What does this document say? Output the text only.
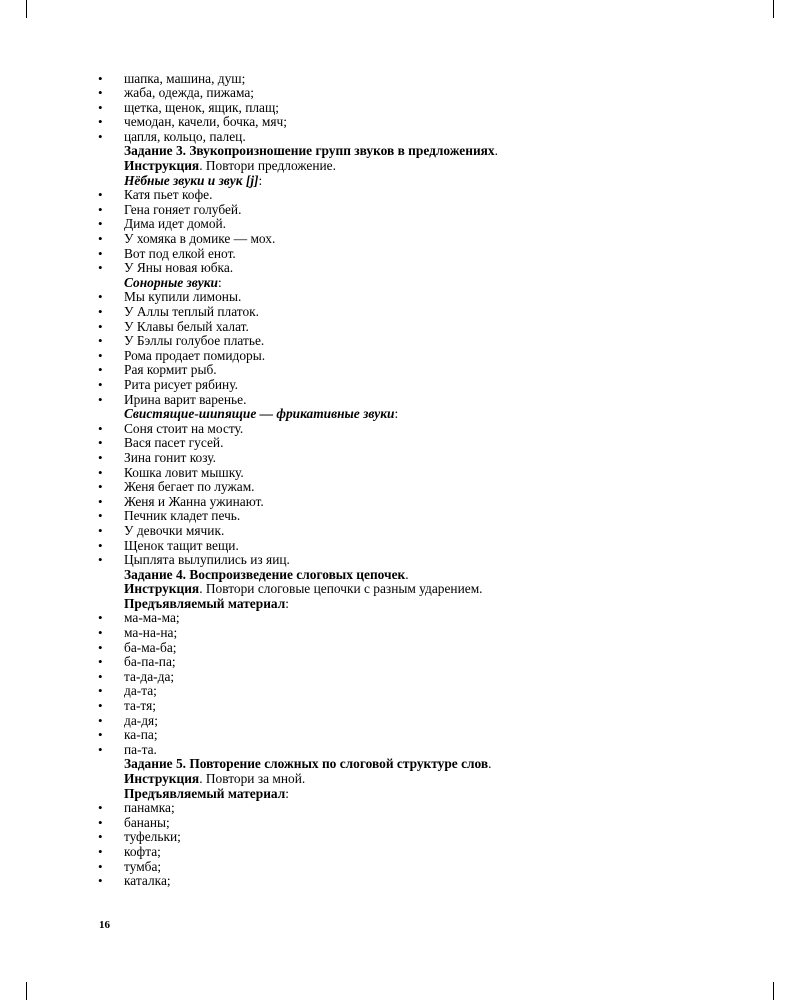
• шапка, машина, душ;
• жаба, одежда, пижама;
• щетка, щенок, ящик, плащ;
• чемодан, качели, бочка, мяч;
• цапля, кольцо, палец.
Задание 3. Звукопроизношение групп звуков в предложениях.
Инструкция. Повтори предложение.
Нёбные звуки и звук [j]:
• Катя пьет кофе.
• Гена гоняет голубей.
• Дима идет домой.
• У хомяка в домике — мох.
• Вот под елкой енот.
• У Яны новая юбка.
Сонорные звуки:
• Мы купили лимоны.
• У Аллы теплый платок.
• У Клавы белый халат.
• У Бэллы голубое платье.
• Рома продает помидоры.
• Рая кормит рыб.
• Рита рисует рябину.
• Ирина варит варенье.
Свистящие-шипящие — фрикативные звуки:
• Соня стоит на мосту.
• Вася пасет гусей.
• Зина гонит козу.
• Кошка ловит мышку.
• Женя бегает по лужам.
• Женя и Жанна ужинают.
• Печник кладет печь.
• У девочки мячик.
• Щенок тащит вещи.
• Цыплята вылупились из яиц.
Задание 4. Воспроизведение слоговых цепочек.
Инструкция. Повтори слоговые цепочки с разным ударением.
Предъявляемый материал:
• ма-ма-ма;
• ма-на-на;
• ба-ма-ба;
• ба-па-па;
• та-да-да;
• да-та;
• та-тя;
• да-дя;
• ка-па;
• па-та.
Задание 5. Повторение сложных по слоговой структуре слов.
Инструкция. Повтори за мной.
Предъявляемый материал:
• панамка;
• бананы;
• туфельки;
• кофта;
• тумба;
• каталка;
16
